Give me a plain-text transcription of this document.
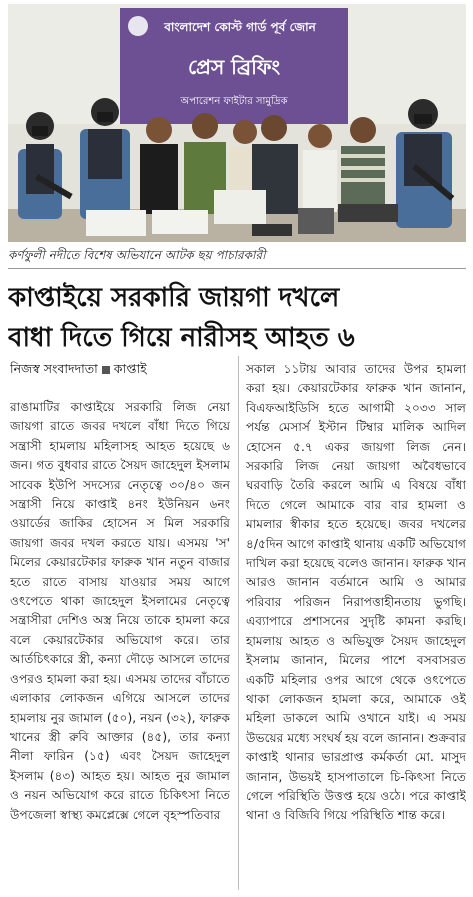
বাংলাদেশ কোস্ট গার্ড পূর্ব জোন
প্রেস ব্রিফিং
অপারেশন ফাইটার সামুদ্রিক
কর্ণফুলী নদীতে বিশেষ অভিযানে আটক ছয় পাচারকারী
কাপ্তাইয়ে সরকারি জায়গা দখলে
বাধা দিতে গিয়ে নারীসহ আহত ৬
নিজস্ব সংবাদদাতা কাপ্তাই

রাঙামাটির কাপ্তাইয়ে সরকারি লিজ নেয়া জায়গা রাতে জবর দখলে বাঁধা দিতে গিয়ে সন্ত্রাসী হামলায় মহিলাসহ আহত হয়েছে ৬ জন। গত বুধবার রাতে সৈয়দ জাহেদুল ইসলাম সাবেক ইউপি সদস্যের নেতৃত্বে ৩০/৪০ জন সন্ত্রাসী নিয়ে কাপ্তাই ৪নং ইউনিয়ন ৬নং ওয়ার্ডের জাকির হোসেন স মিল সরকারি জায়গা জবর দখল করতে যায়। এসময় 'স' মিলের কেয়ারটেকার ফারুক খান নতুন বাজার হতে রাতে বাসায় যাওয়ার সময় আগে ওৎপেতে থাকা জাহেদুল ইসলামের নেতৃত্বে সন্ত্রাসীরা দেশিও অস্ত্র নিয়ে তাকে হামলা করে বলে কেয়ারটেকার অভিযোগ করে। তার আর্তচিৎকারে স্ত্রী, কন্যা দৌড়ে আসলে তাদের ওপরও হামলা করা হয়। এসময় তাদের বাঁচাতে এলাকার লোকজন এগিয়ে আসলে তাদের হামলায় নুর জামাল (৫০), নয়ন (৩২), ফারুক খানের স্ত্রী রুবি আক্তার (৪৫), তার কন্যা নীলা ফারিন (১৫) এবং সৈয়দ জাহেদুল ইসলাম (৪৩) আহত হয়। আহত নুর জামাল ও নয়ন অভিযোগ করে রাতে চিকিৎসা নিতে উপজেলা স্বাস্থ্য কমপ্লেক্সে গেলে বৃহস্পতিবার

সকাল ১১টায় আবার তাদের উপর হামলা করা হয়। কেয়ারটেকার ফারুক খান জানান, বিএফআইডিসি হতে আগামী ২০৩৩ সাল পর্যন্ত মেসার্স ইস্টান টিম্বার মালিক আদিল হোসেন ৫.৭ একর জায়গা লিজ নেন। সরকারি লিজ নেয়া জায়গা অবৈধভাবে ঘরবাড়ি তৈরি করলে আমি এ বিষয়ে বাঁধা দিতে গেলে আমাকে বার বার হামলা ও মামলার স্বীকার হতে হয়েছে। জবর দখলের ৪/৫দিন আগে কাপ্তাই থানায় একটি অভিযোগ দাখিল করা হয়েছে বলেও জানান। ফারুক খান আরও জানান বর্তমানে আমি ও আমার পরিবার পরিজন নিরাপত্তাহীনতায় ভুগছি। এব্যাপারে প্রশাসনের সুদৃষ্টি কামনা করছি। হামলায় আহত ও অভিযুক্ত সৈয়দ জাহেদুল ইসলাম জানান, মিলের পাশে বসবাসরত একটি মহিলার ওপর আগে থেকে ওৎপেতে থাকা লোকজন হামলা করে, আমাকে ওই মহিলা ডাকলে আমি ওখানে যাই। এ সময় উভয়ের মধ্যে সংঘর্ষ হয় বলে জানান। শুক্রবার কাপ্তাই থানার ভারপ্রাপ্ত কর্মকর্তা মো. মাসুদ জানান, উভয়ই হাসপাতালে চি-কিৎসা নিতে গেলে পরিস্থিতি উত্তপ্ত হয়ে ওঠে। পরে কাপ্তাই থানা ও বিজিবি গিয়ে পরিস্থিতি শান্ত করে।
